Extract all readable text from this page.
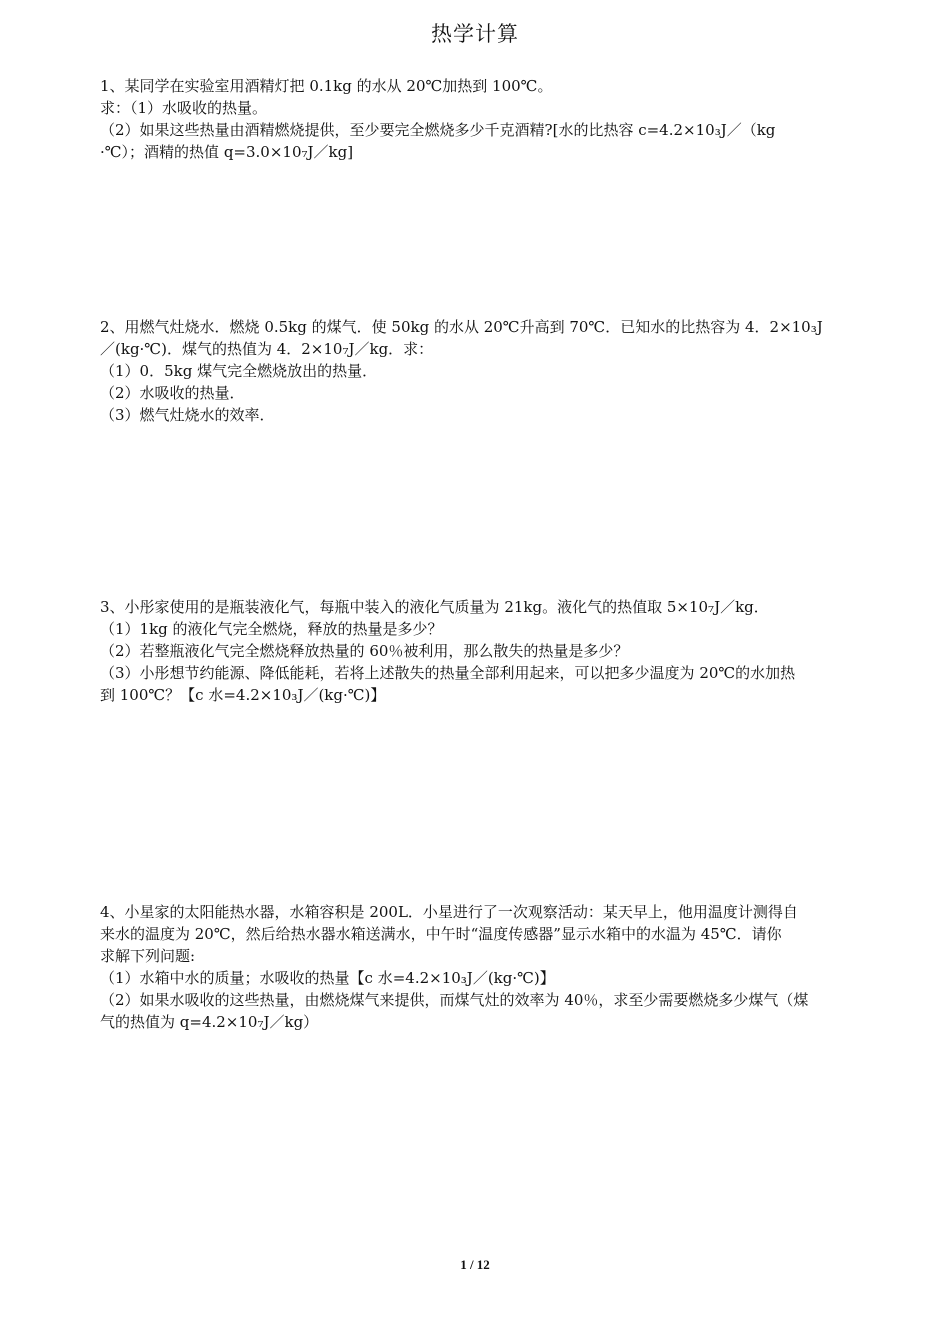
热学计算
1、某同学在实验室用酒精灯把 0.1kg 的水从 20℃加热到 100℃。
求：（1）水吸收的热量。
（2）如果这些热量由酒精燃烧提供，至少要完全燃烧多少千克酒精?[水的比热容 c=4.2×10₃J／（kg
·℃）；酒精的热值 q=3.0×10₇J／kg]
2、用燃气灶烧水．燃烧 0.5kg 的煤气．使 50kg 的水从 20℃升高到 70℃．已知水的比热容为 4．2×10₃J
／(kg·℃)．煤气的热值为 4．2×10₇J／kg．求：
（1）0．5kg 煤气完全燃烧放出的热量．
（2）水吸收的热量．
（3）燃气灶烧水的效率．
3、小彤家使用的是瓶装液化气，每瓶中装入的液化气质量为 21kg。液化气的热值取 5×10₇J／kg．
（1）1kg 的液化气完全燃烧，释放的热量是多少？
（2）若整瓶液化气完全燃烧释放热量的 60％被利用，那么散失的热量是多少？
（3）小彤想节约能源、降低能耗，若将上述散失的热量全部利用起来，可以把多少温度为 20℃的水加热
到 100℃？【c 水=4.2×10₃J／(kg·℃)】
4、小星家的太阳能热水器，水箱容积是 200L．小星进行了一次观察活动：某天早上，他用温度计测得自
来水的温度为 20℃，然后给热水器水箱送满水，中午时“温度传感器”显示水箱中的水温为 45℃．请你
求解下列问题:
（1）水箱中水的质量；水吸收的热量【c 水=4.2×10₃J／(kg·℃)】
（2）如果水吸收的这些热量，由燃烧煤气来提供，而煤气灶的效率为 40％，求至少需要燃烧多少煤气（煤
气的热值为 q=4.2×10₇J／kg）
1 / 12
